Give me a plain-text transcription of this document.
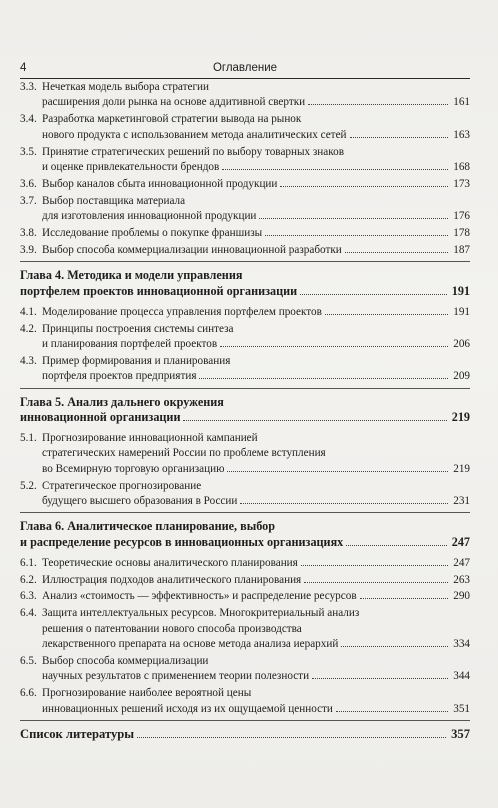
4	Оглавление
3.3. Нечеткая модель выбора стратегии
расширения доли рынка на основе аддитивной свертки	161
3.4. Разработка маркетинговой стратегии вывода на рынок
нового продукта с использованием метода аналитических сетей	163
3.5. Принятие стратегических решений по выбору товарных знаков
и оценке привлекательности брендов	168
3.6. Выбор каналов сбыта инновационной продукции	173
3.7. Выбор поставщика материала
для изготовления инновационной продукции	176
3.8. Исследование проблемы о покупке франшизы	178
3.9. Выбор способа коммерциализации инновационной разработки	187
Глава 4. Методика и модели управления
портфелем проектов инновационной организации	191
4.1. Моделирование процесса управления портфелем проектов	191
4.2. Принципы построения системы синтеза
и планирования портфелей проектов	206
4.3. Пример формирования и планирования
портфеля проектов предприятия	209
Глава 5. Анализ дальнего окружения
инновационной организации	219
5.1. Прогнозирование инновационной кампанией
стратегических намерений России по проблеме вступления
во Всемирную торговую организацию	219
5.2. Стратегическое прогнозирование
будущего высшего образования в России	231
Глава 6. Аналитическое планирование, выбор
и распределение ресурсов в инновационных организациях	247
6.1. Теоретические основы аналитического планирования	247
6.2. Иллюстрация подходов аналитического планирования	263
6.3. Анализ «стоимость — эффективность» и распределение ресурсов	290
6.4. Защита интеллектуальных ресурсов. Многокритериальный анализ
решения о патентовании нового способа производства
лекарственного препарата на основе метода анализа иерархий	334
6.5. Выбор способа коммерциализации
научных результатов с применением теории полезности	344
6.6. Прогнозирование наиболее вероятной цены
инновационных решений исходя из их ощущаемой ценности	351
Список литературы	357
